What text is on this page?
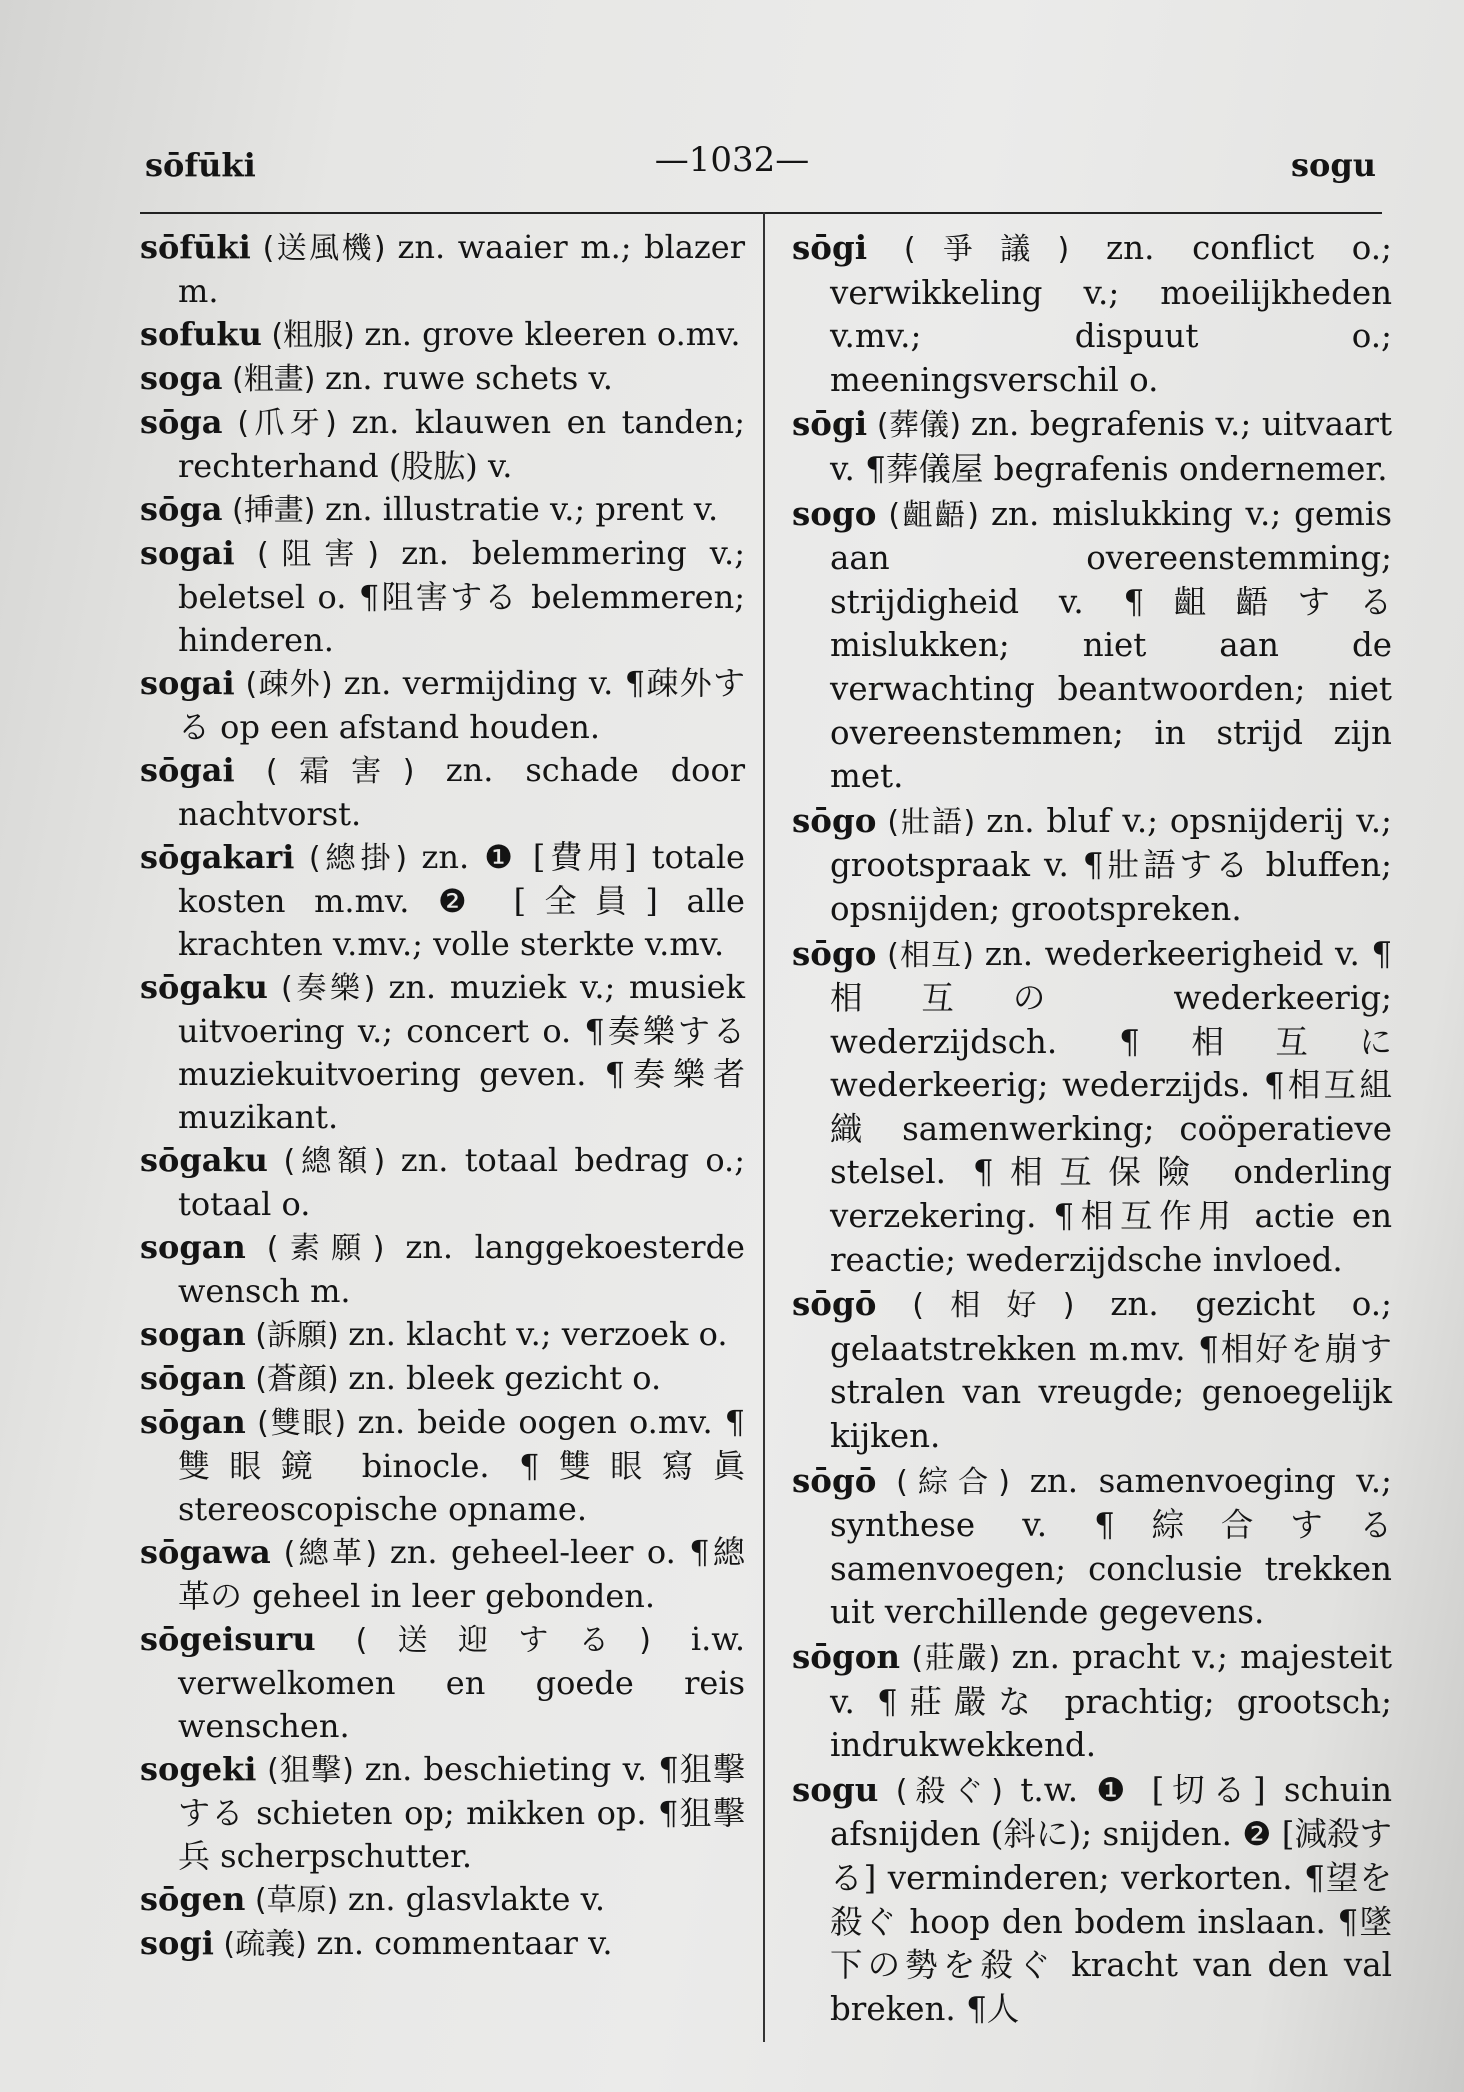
sōfūki	—1032—	sogu

sōfūki (送風機) zn. waaier m.; blazer m.

sofuku (粗服) zn. grove kleeren o.mv.

soga (粗畫) zn. ruwe schets v.

sōga (爪牙) zn. klauwen en tanden; rechterhand (股肱) v.

sōga (挿畫) zn. illustratie v.; prent v.

sogai (阻害) zn. belemmering v.; beletsel o. ¶阻害する belemmeren; hinderen.

sogai (疎外) zn. vermijding v. ¶疎外する op een afstand houden.

sōgai (霜害) zn. schade door nachtvorst.

sōgakari (總掛) zn. ❶ [費用] totale kosten m.mv. ❷ [全員] alle krachten v.mv.; volle sterkte v.mv.

sōgaku (奏樂) zn. muziek v.; musiek uitvoering v.; concert o. ¶奏樂する muziekuitvoering geven. ¶奏樂者 muzikant.

sōgaku (總額) zn. totaal bedrag o.; totaal o.

sogan (素願) zn. langgekoesterde wensch m.

sogan (訴願) zn. klacht v.; verzoek o.

sōgan (蒼顔) zn. bleek gezicht o.

sōgan (雙眼) zn. beide oogen o.mv. ¶雙眼鏡 binocle. ¶雙眼寫眞 stereoscopische opname.

sōgawa (總革) zn. geheel-leer o. ¶總革の geheel in leer gebonden.

sōgeisuru (送迎する) i.w. verwelkomen en goede reis wenschen.

sogeki (狙擊) zn. beschieting v. ¶狙擊する schieten op; mikken op. ¶狙擊兵 scherpschutter.

sōgen (草原) zn. glasvlakte v.

sogi (疏義) zn. commentaar v.

sōgi (爭議) zn. conflict o.; verwikkeling v.; moeilijkheden v.mv.; dispuut o.; meeningsverschil o.

sōgi (葬儀) zn. begrafenis v.; uitvaart v. ¶葬儀屋 begrafenis ondernemer.

sogo (齟齬) zn. mislukking v.; gemis aan overeenstemming; strijdigheid v. ¶齟齬する mislukken; niet aan de verwachting beantwoorden; niet overeenstemmen; in strijd zijn met.

sōgo (壯語) zn. bluf v.; opsnijderij v.; grootspraak v. ¶壯語する bluffen; opsnijden; grootspreken.

sōgo (相互) zn. wederkeerigheid v. ¶相互の wederkeerig; wederzijdsch. ¶相互に wederkeerig; wederzijds. ¶相互組織 samenwerking; coöperatieve stelsel. ¶相互保險 onderling verzekering. ¶相互作用 actie en reactie; wederzijdsche invloed.

sōgō (相好) zn. gezicht o.; gelaatstrekken m.mv. ¶相好を崩す stralen van vreugde; genoegelijk kijken.

sōgō (綜合) zn. samenvoeging v.; synthese v. ¶綜合する samenvoegen; conclusie trekken uit verchillende gegevens.

sōgon (莊嚴) zn. pracht v.; majesteit v. ¶莊嚴な prachtig; grootsch; indrukwekkend.

sogu (殺ぐ) t.w. ❶ [切る] schuin afsnijden (斜に); snijden. ❷ [減殺する] verminderen; verkorten. ¶望を殺ぐ hoop den bodem inslaan. ¶墜下の勢を殺ぐ kracht van den val breken. ¶人
